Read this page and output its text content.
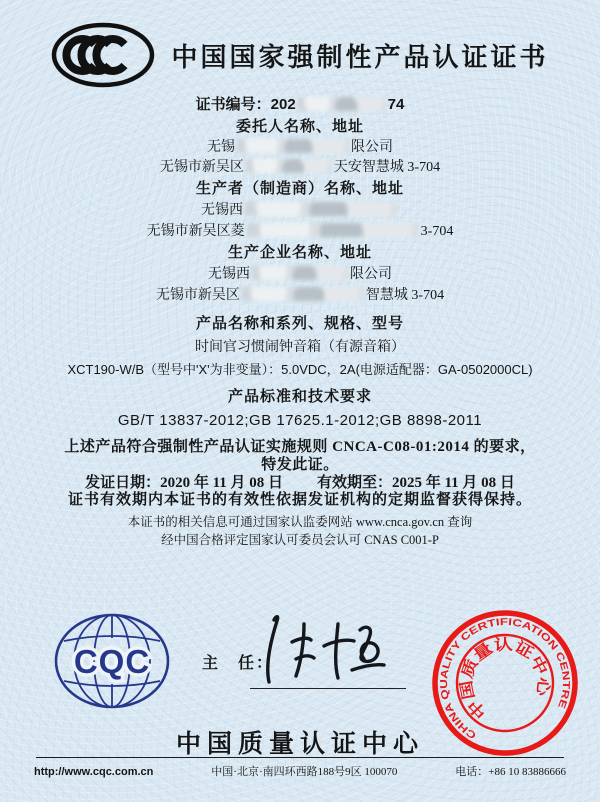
中国国家强制性产品认证证书
证书编号：202	74
委托人名称、地址
无锡	限公司
无锡市新吴区	天安智慧城 3-704
生产者（制造商）名称、地址
无锡西
无锡市新吴区菱	3-704
生产企业名称、地址
无锡西	限公司
无锡市新吴区	智慧城 3-704
产品名称和系列、规格、型号
时间官习惯闹钟音箱（有源音箱）
XCT190-W/B（型号中'X'为非变量）：5.0VDC，2A(电源适配器：GA-0502000CL)
产品标准和技术要求
GB/T 13837-2012;GB 17625.1-2012;GB 8898-2011
上述产品符合强制性产品认证实施规则 CNCA-C08-01:2014 的要求，
特发此证。
发证日期：2020 年 11 月 08 日 有效期至：2025 年 11 月 08 日
证书有效期内本证书的有效性依据发证机构的定期监督获得保持。
本证书的相关信息可通过国家认监委网站 www.cnca.gov.cn 查询
经中国合格评定国家认可委员会认可 CNAS C001-P
CQC	主　任：
CHINA QUALITY CERTIFICATION CENTRE
中国质量认证中心
中国质量认证中心
http://www.cqc.com.cn	中国·北京·南四环西路188号9区 100070	电话：+86 10 83886666
